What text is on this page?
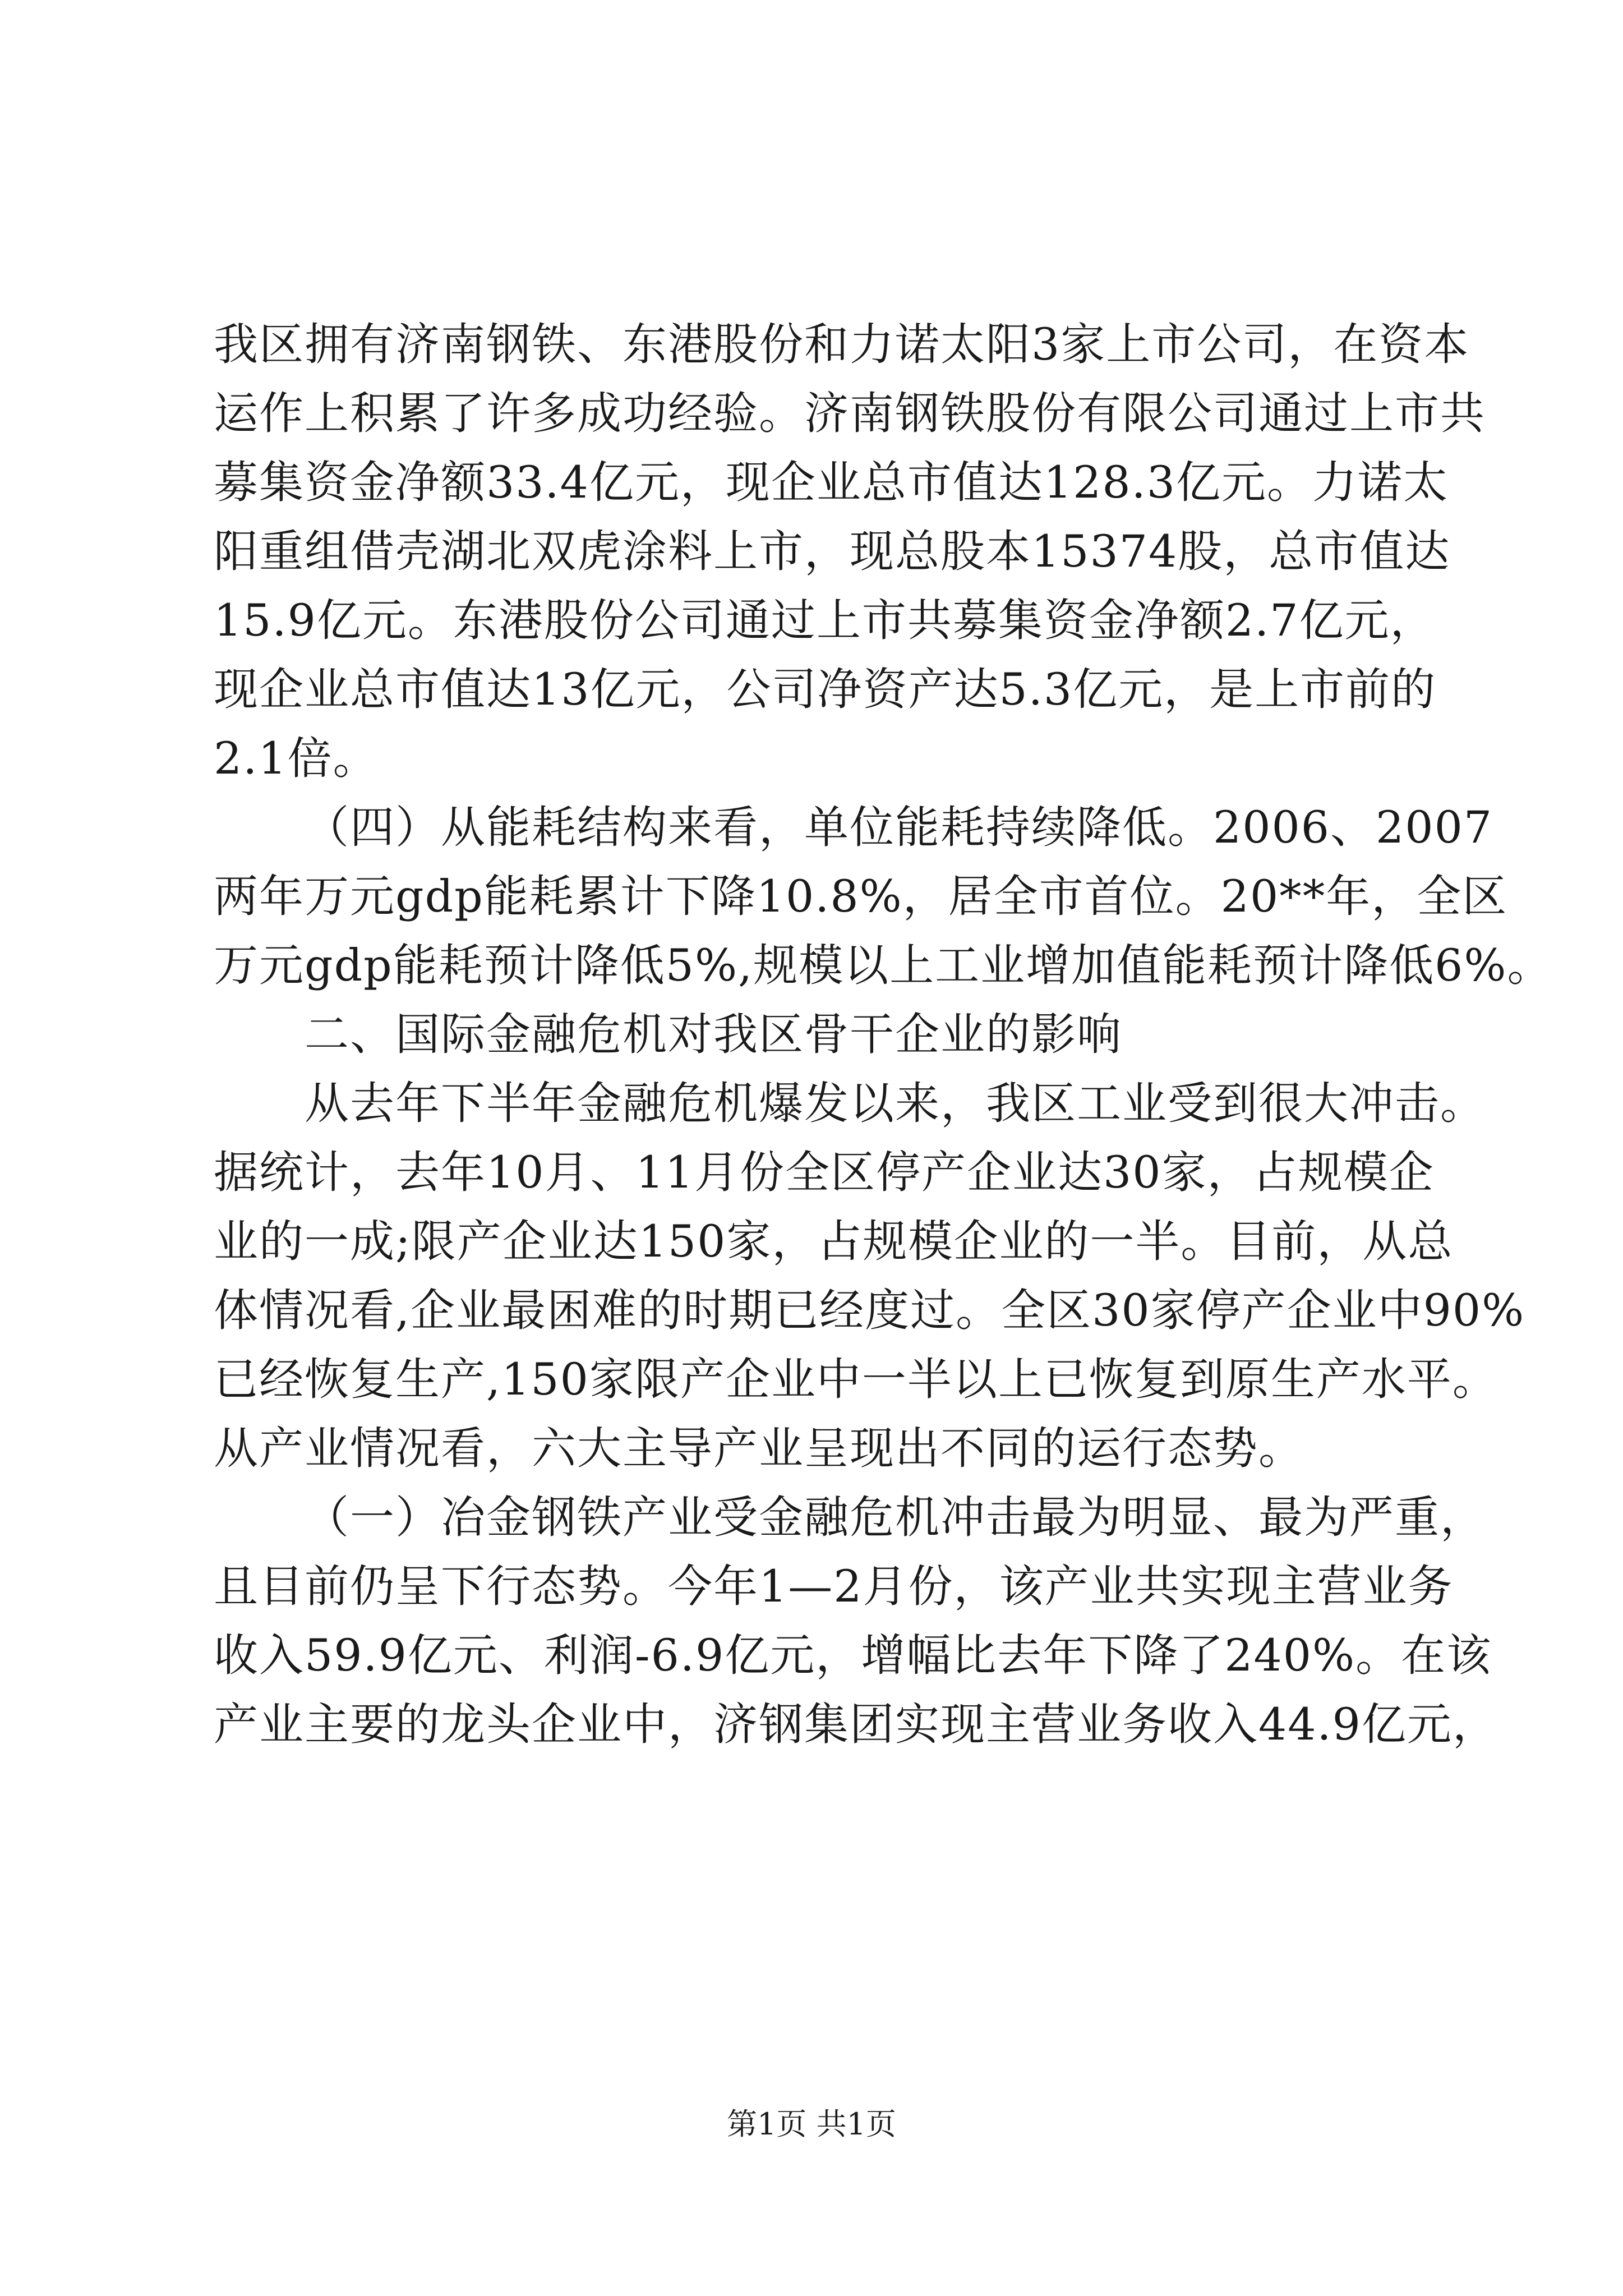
我区拥有济南钢铁、东港股份和力诺太阳3家上市公司，在资本
运作上积累了许多成功经验。济南钢铁股份有限公司通过上市共
募集资金净额33.4亿元，现企业总市值达128.3亿元。力诺太
阳重组借壳湖北双虎涂料上市，现总股本15374股，总市值达
15.9亿元。东港股份公司通过上市共募集资金净额2.7亿元，
现企业总市值达13亿元，公司净资产达5.3亿元，是上市前的
2.1倍。
（四）从能耗结构来看，单位能耗持续降低。2006、2007
两年万元gdp能耗累计下降10.8%，居全市首位。20**年，全区
万元gdp能耗预计降低5%,规模以上工业增加值能耗预计降低6%。
二、国际金融危机对我区骨干企业的影响
从去年下半年金融危机爆发以来，我区工业受到很大冲击。
据统计，去年10月、11月份全区停产企业达30家，占规模企
业的一成;限产企业达150家，占规模企业的一半。目前，从总
体情况看,企业最困难的时期已经度过。全区30家停产企业中90%
已经恢复生产,150家限产企业中一半以上已恢复到原生产水平。
从产业情况看，六大主导产业呈现出不同的运行态势。
（一）冶金钢铁产业受金融危机冲击最为明显、最为严重，
且目前仍呈下行态势。今年1—2月份，该产业共实现主营业务
收入59.9亿元、利润-6.9亿元，增幅比去年下降了240%。在该
产业主要的龙头企业中，济钢集团实现主营业务收入44.9亿元，
第1页 共1页
